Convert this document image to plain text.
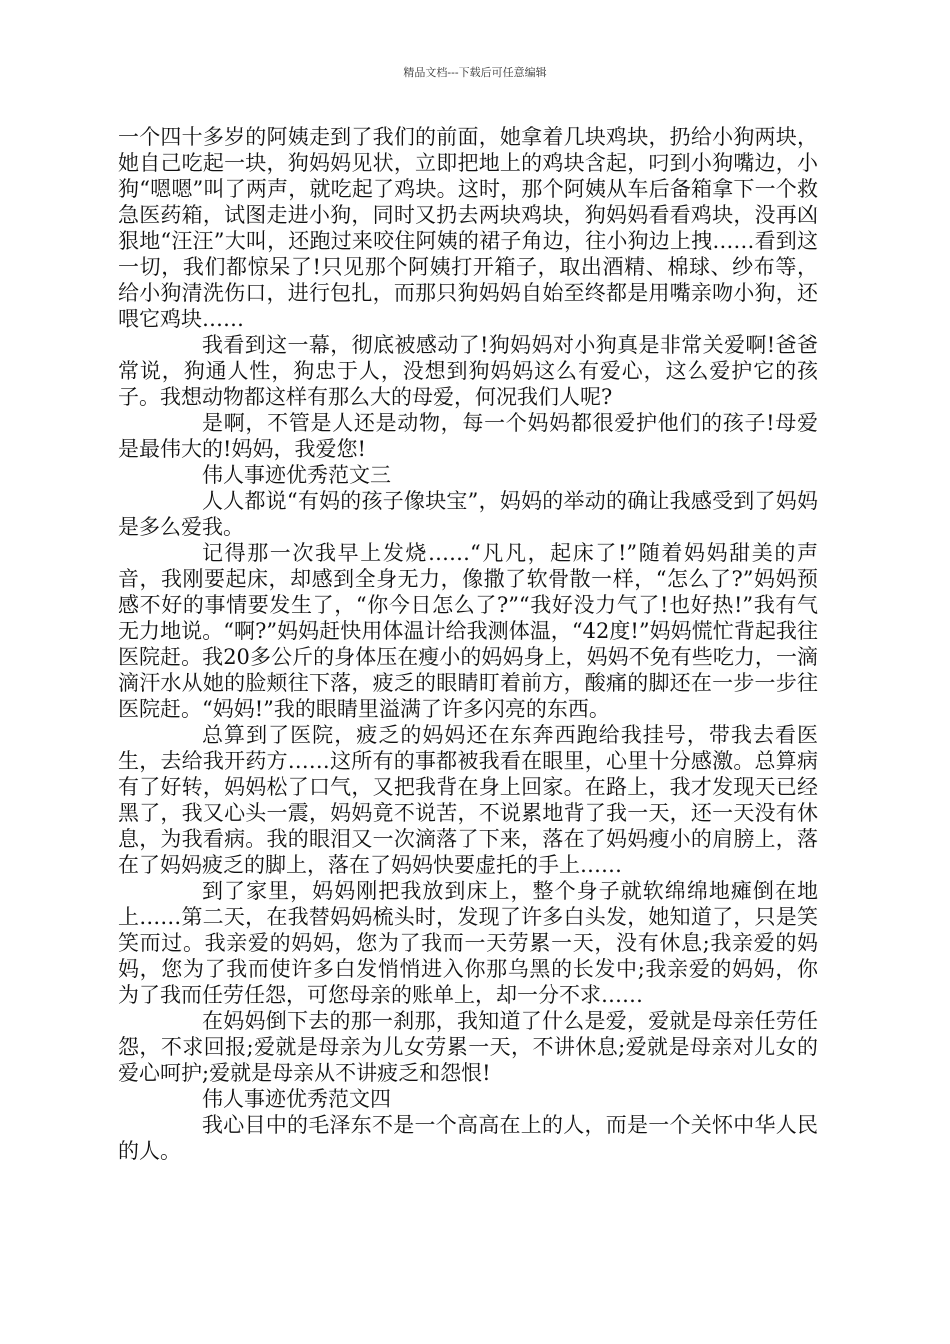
精品文档---下载后可任意编辑

一个四十多岁的阿姨走到了我们的前面，她拿着几块鸡块，扔给小狗两块，她自己吃起一块，狗妈妈见状，立即把地上的鸡块含起，叼到小狗嘴边，小狗“嗯嗯”叫了两声，就吃起了鸡块。这时，那个阿姨从车后备箱拿下一个救急医药箱，试图走进小狗，同时又扔去两块鸡块，狗妈妈看看鸡块，没再凶狠地“汪汪”大叫，还跑过来咬住阿姨的裙子角边，往小狗边上拽……看到这一切，我们都惊呆了!只见那个阿姨打开箱子，取出酒精、棉球、纱布等，给小狗清洗伤口，进行包扎，而那只狗妈妈自始至终都是用嘴亲吻小狗，还喂它鸡块……

我看到这一幕，彻底被感动了!狗妈妈对小狗真是非常关爱啊!爸爸常说，狗通人性，狗忠于人，没想到狗妈妈这么有爱心，这么爱护它的孩子。我想动物都这样有那么大的母爱，何况我们人呢?

是啊，不管是人还是动物，每一个妈妈都很爱护他们的孩子!母爱是最伟大的!妈妈，我爱您!

伟人事迹优秀范文三

人人都说“有妈的孩子像块宝”，妈妈的举动的确让我感受到了妈妈是多么爱我。

记得那一次我早上发烧……“凡凡，起床了!”随着妈妈甜美的声音，我刚要起床，却感到全身无力，像撒了软骨散一样，“怎么了?”妈妈预感不好的事情要发生了，“你今日怎么了?”“我好没力气了!也好热!”我有气无力地说。“啊?”妈妈赶快用体温计给我测体温，“42度!”妈妈慌忙背起我往医院赶。我20多公斤的身体压在瘦小的妈妈身上，妈妈不免有些吃力，一滴滴汗水从她的脸颊往下落，疲乏的眼睛盯着前方，酸痛的脚还在一步一步往医院赶。“妈妈!”我的眼睛里溢满了许多闪亮的东西。

总算到了医院，疲乏的妈妈还在东奔西跑给我挂号，带我去看医生，去给我开药方……这所有的事都被我看在眼里，心里十分感激。总算病有了好转，妈妈松了口气，又把我背在身上回家。在路上，我才发现天已经黑了，我又心头一震，妈妈竟不说苦，不说累地背了我一天，还一天没有休息，为我看病。我的眼泪又一次滴落了下来，落在了妈妈瘦小的肩膀上，落在了妈妈疲乏的脚上，落在了妈妈快要虚托的手上……

到了家里，妈妈刚把我放到床上，整个身子就软绵绵地瘫倒在地上……第二天，在我替妈妈梳头时，发现了许多白头发，她知道了，只是笑笑而过。我亲爱的妈妈，您为了我而一天劳累一天，没有休息;我亲爱的妈妈，您为了我而使许多白发悄悄进入你那乌黑的长发中;我亲爱的妈妈，你为了我而任劳任怨，可您母亲的账单上，却一分不求……

在妈妈倒下去的那一刹那，我知道了什么是爱，爱就是母亲任劳任怨，不求回报;爱就是母亲为儿女劳累一天，不讲休息;爱就是母亲对儿女的爱心呵护;爱就是母亲从不讲疲乏和怨恨!

伟人事迹优秀范文四

我心目中的毛泽东不是一个高高在上的人，而是一个关怀中华人民的人。
